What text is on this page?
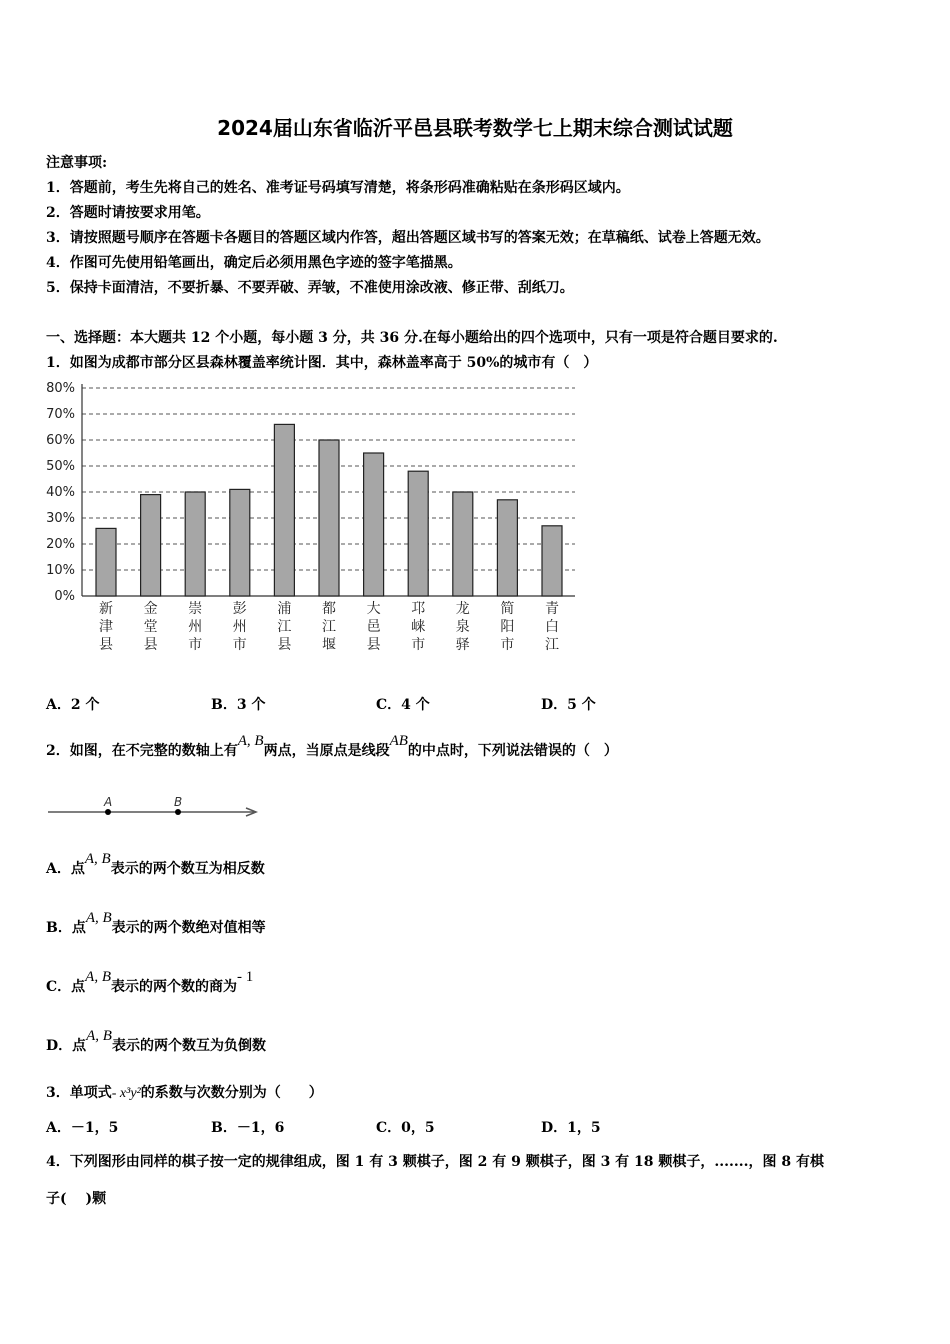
2024届山东省临沂平邑县联考数学七上期末综合测试试题
注意事项:
1．答题前，考生先将自己的姓名、准考证号码填写清楚，将条形码准确粘贴在条形码区域内。
2．答题时请按要求用笔。
3．请按照题号顺序在答题卡各题目的答题区域内作答，超出答题区域书写的答案无效；在草稿纸、试卷上答题无效。
4．作图可先使用铅笔画出，确定后必须用黑色字迹的签字笔描黑。
5．保持卡面清洁，不要折暴、不要弄破、弄皱，不准使用涂改液、修正带、刮纸刀。
一、选择题：本大题共 12 个小题，每小题 3 分，共 36 分.在每小题给出的四个选项中，只有一项是符合题目要求的.
1．如图为成都市部分区县森林覆盖率统计图．其中，森林盖率高于 50%的城市有（　）
0%
10%
20%
30%
40%
50%
60%
70%
80%
新津县
金堂县
崇州市
彭州市
浦江县
都江堰
大邑县
邛崃市
龙泉驿
简阳市
青白江
A．2 个	B．3 个	C．4 个	D．5 个
2．如图，在不完整的数轴上有A, B两点，当原点是线段AB的中点时，下列说法错误的（　）
A	B
A．点A, B表示的两个数互为相反数
B．点A, B表示的两个数绝对值相等
C．点A, B表示的两个数的商为- 1
D．点A, B表示的两个数互为负倒数
3．单项式- x³y²的系数与次数分别为（　　）
A．－1，5	B．－1，6	C．0，5	D．1，5
4．下列图形由同样的棋子按一定的规律组成，图 1 有 3 颗棋子，图 2 有 9 颗棋子，图 3 有 18 颗棋子，.......，图 8 有棋
子(　 )颗
